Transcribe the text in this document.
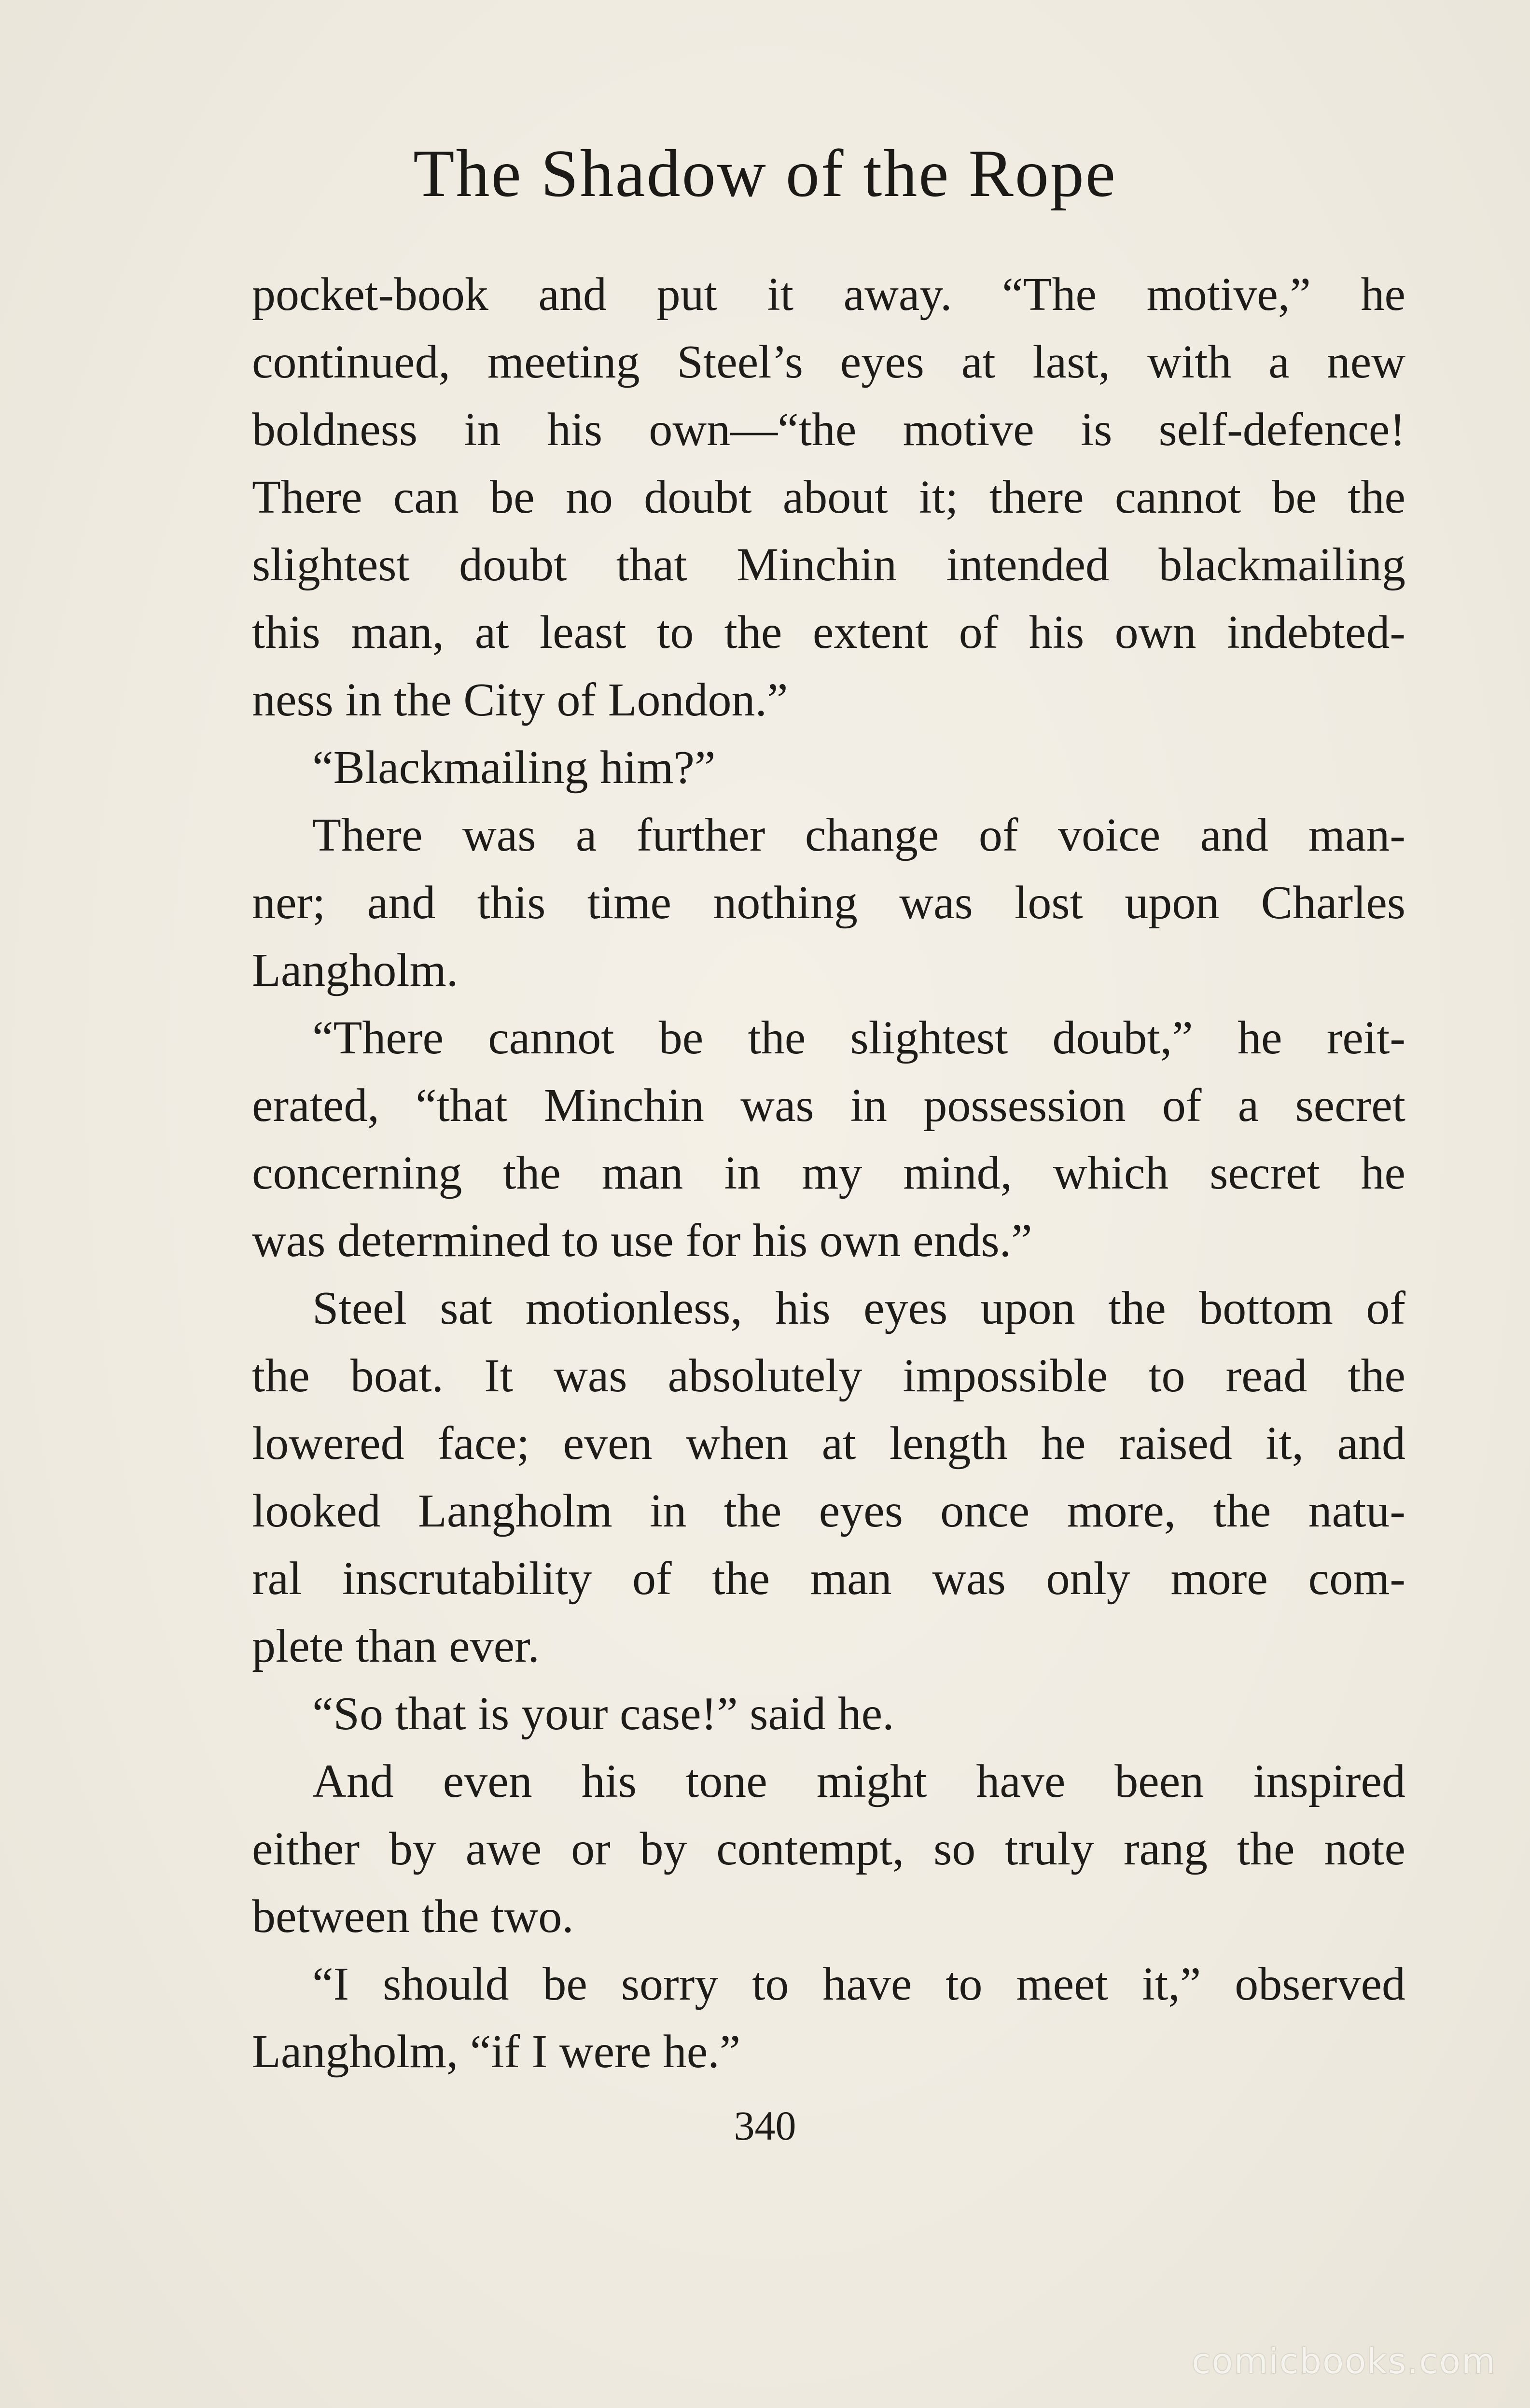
The Shadow of the Rope
pocket-book and put it away. “The motive,” he
continued, meeting Steel’s eyes at last, with a new
boldness in his own—“the motive is self-defence!
There can be no doubt about it; there cannot be the
slightest doubt that Minchin intended blackmailing
this man, at least to the extent of his own indebted-
ness in the City of London.”
“Blackmailing him?”
There was a further change of voice and man-
ner; and this time nothing was lost upon Charles
Langholm.
“There cannot be the slightest doubt,” he reit-
erated, “that Minchin was in possession of a secret
concerning the man in my mind, which secret he
was determined to use for his own ends.”
Steel sat motionless, his eyes upon the bottom of
the boat. It was absolutely impossible to read the
lowered face; even when at length he raised it, and
looked Langholm in the eyes once more, the natu-
ral inscrutability of the man was only more com-
plete than ever.
“So that is your case!” said he.
And even his tone might have been inspired
either by awe or by contempt, so truly rang the note
between the two.
“I should be sorry to have to meet it,” observed
Langholm, “if I were he.”
340
comicbooks.com
